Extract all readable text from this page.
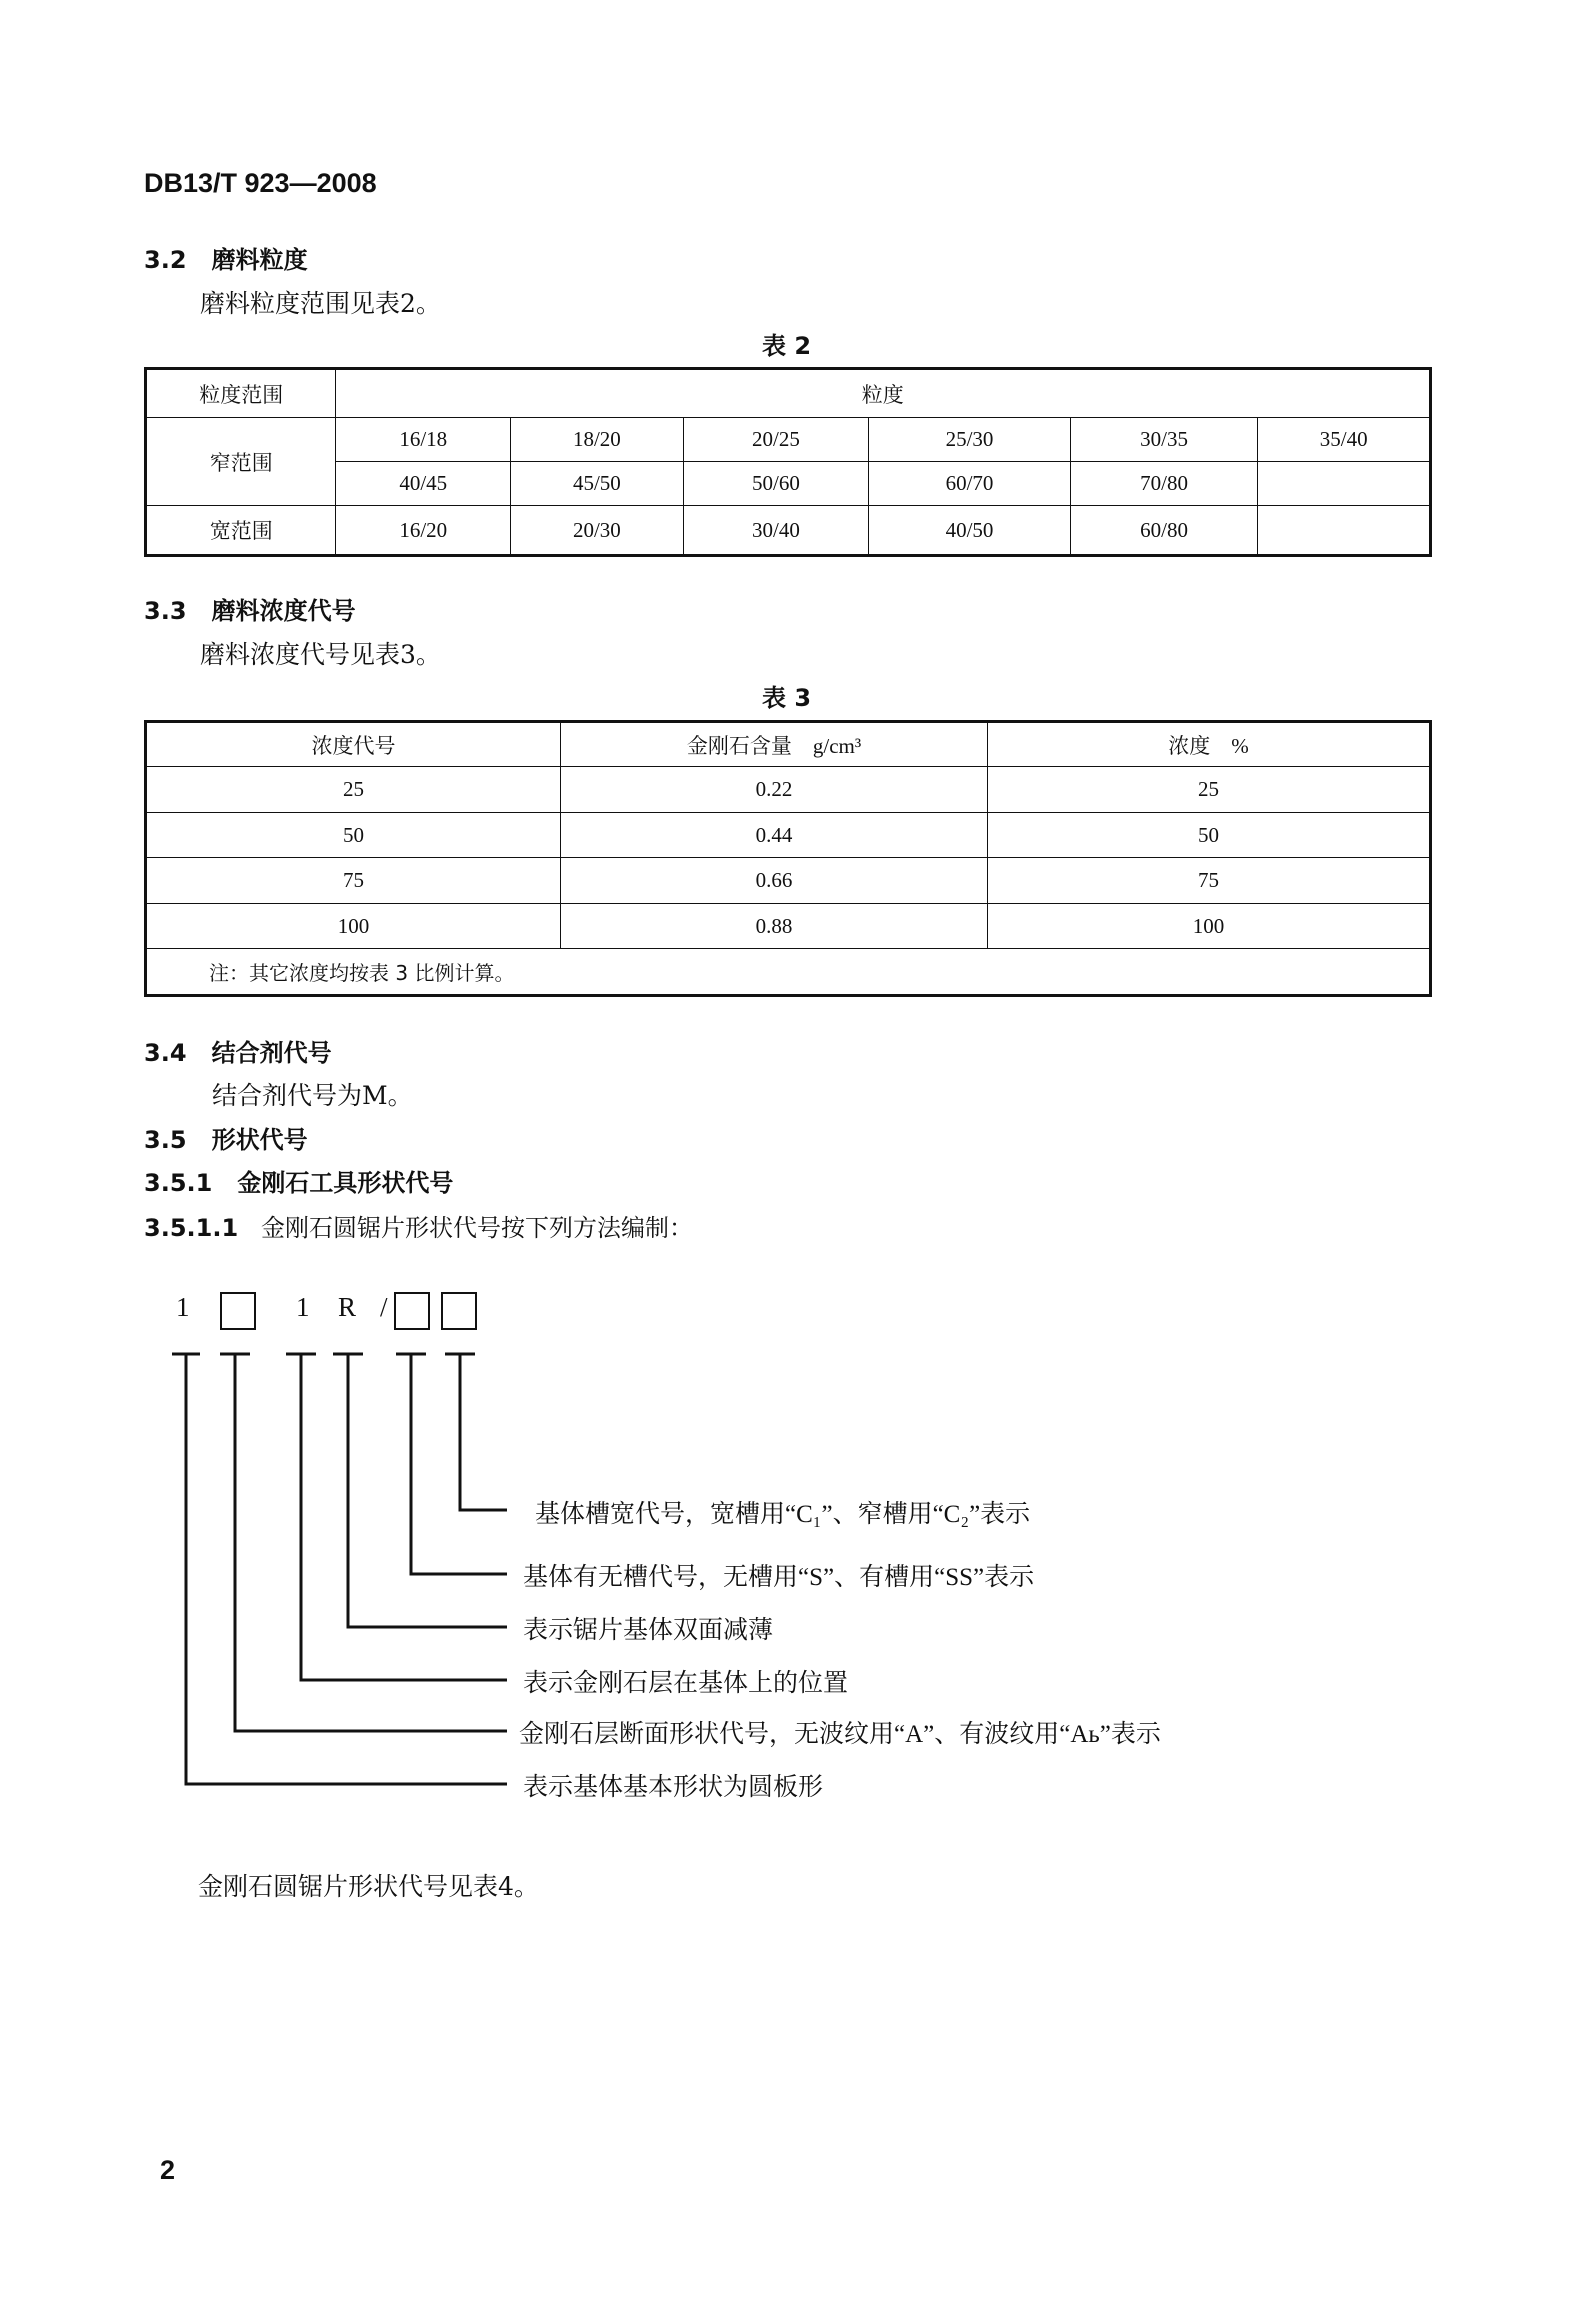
DB13/T 923—2008
3.2 磨料粒度
磨料粒度范围见表2。
表 2
粒度范围	粒度					
窄范围	16/18	18/20	20/25	25/30	30/35	35/40
	40/45	45/50	50/60	60/70	70/80	
宽范围	16/20	20/30	30/40	40/50	60/80	
3.3 磨料浓度代号
磨料浓度代号见表3。
表 3
浓度代号	金刚石含量　g/cm³	浓度　%
25	0.22	25
50	0.44	50
75	0.66	75
100	0.88	100
注：其它浓度均按表 3 比例计算。		
3.4 结合剂代号
结合剂代号为M。
3.5 形状代号
3.5.1 金刚石工具形状代号
3.5.1.1 金刚石圆锯片形状代号按下列方法编制：
1	1 R /
基体槽宽代号，宽槽用“C₁”、窄槽用“C₂”表示
基体有无槽代号，无槽用“S”、有槽用“SS”表示
表示锯片基体双面减薄
表示金刚石层在基体上的位置
金刚石层断面形状代号，无波纹用“A”、有波纹用“Aь”表示
表示基体基本形状为圆板形
金刚石圆锯片形状代号见表4。
2
